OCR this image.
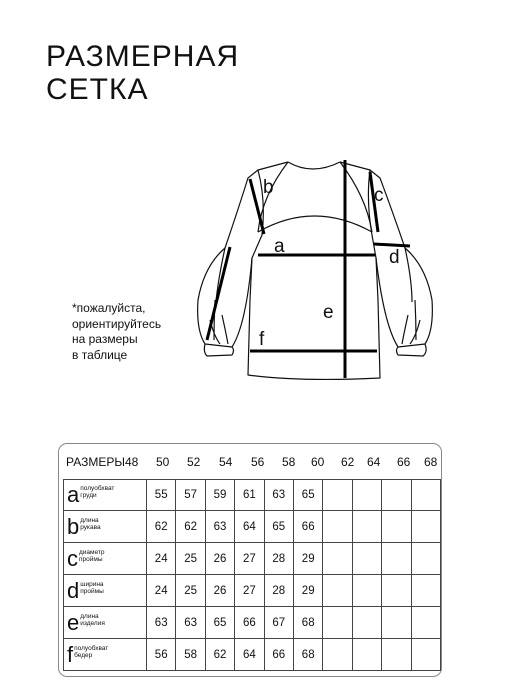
РАЗМЕРНАЯ
СЕТКА
b	c
a
d
e
f
*пожалуйста,
ориентируйтесь
на размеры
в таблице
РАЗМЕРЫ 48 50 52 54 56 58 60 62 64 66 68
a полуобхват груди	55	57	59	61	63	65
b длина рукава	62	62	63	64	65	66
c диаметр проймы	24	25	26	27	28	29
d ширина проймы	24	25	26	27	28	29
e длина изделия	63	63	65	66	67	68
f полуобхват бедер	56	58	62	64	66	68
